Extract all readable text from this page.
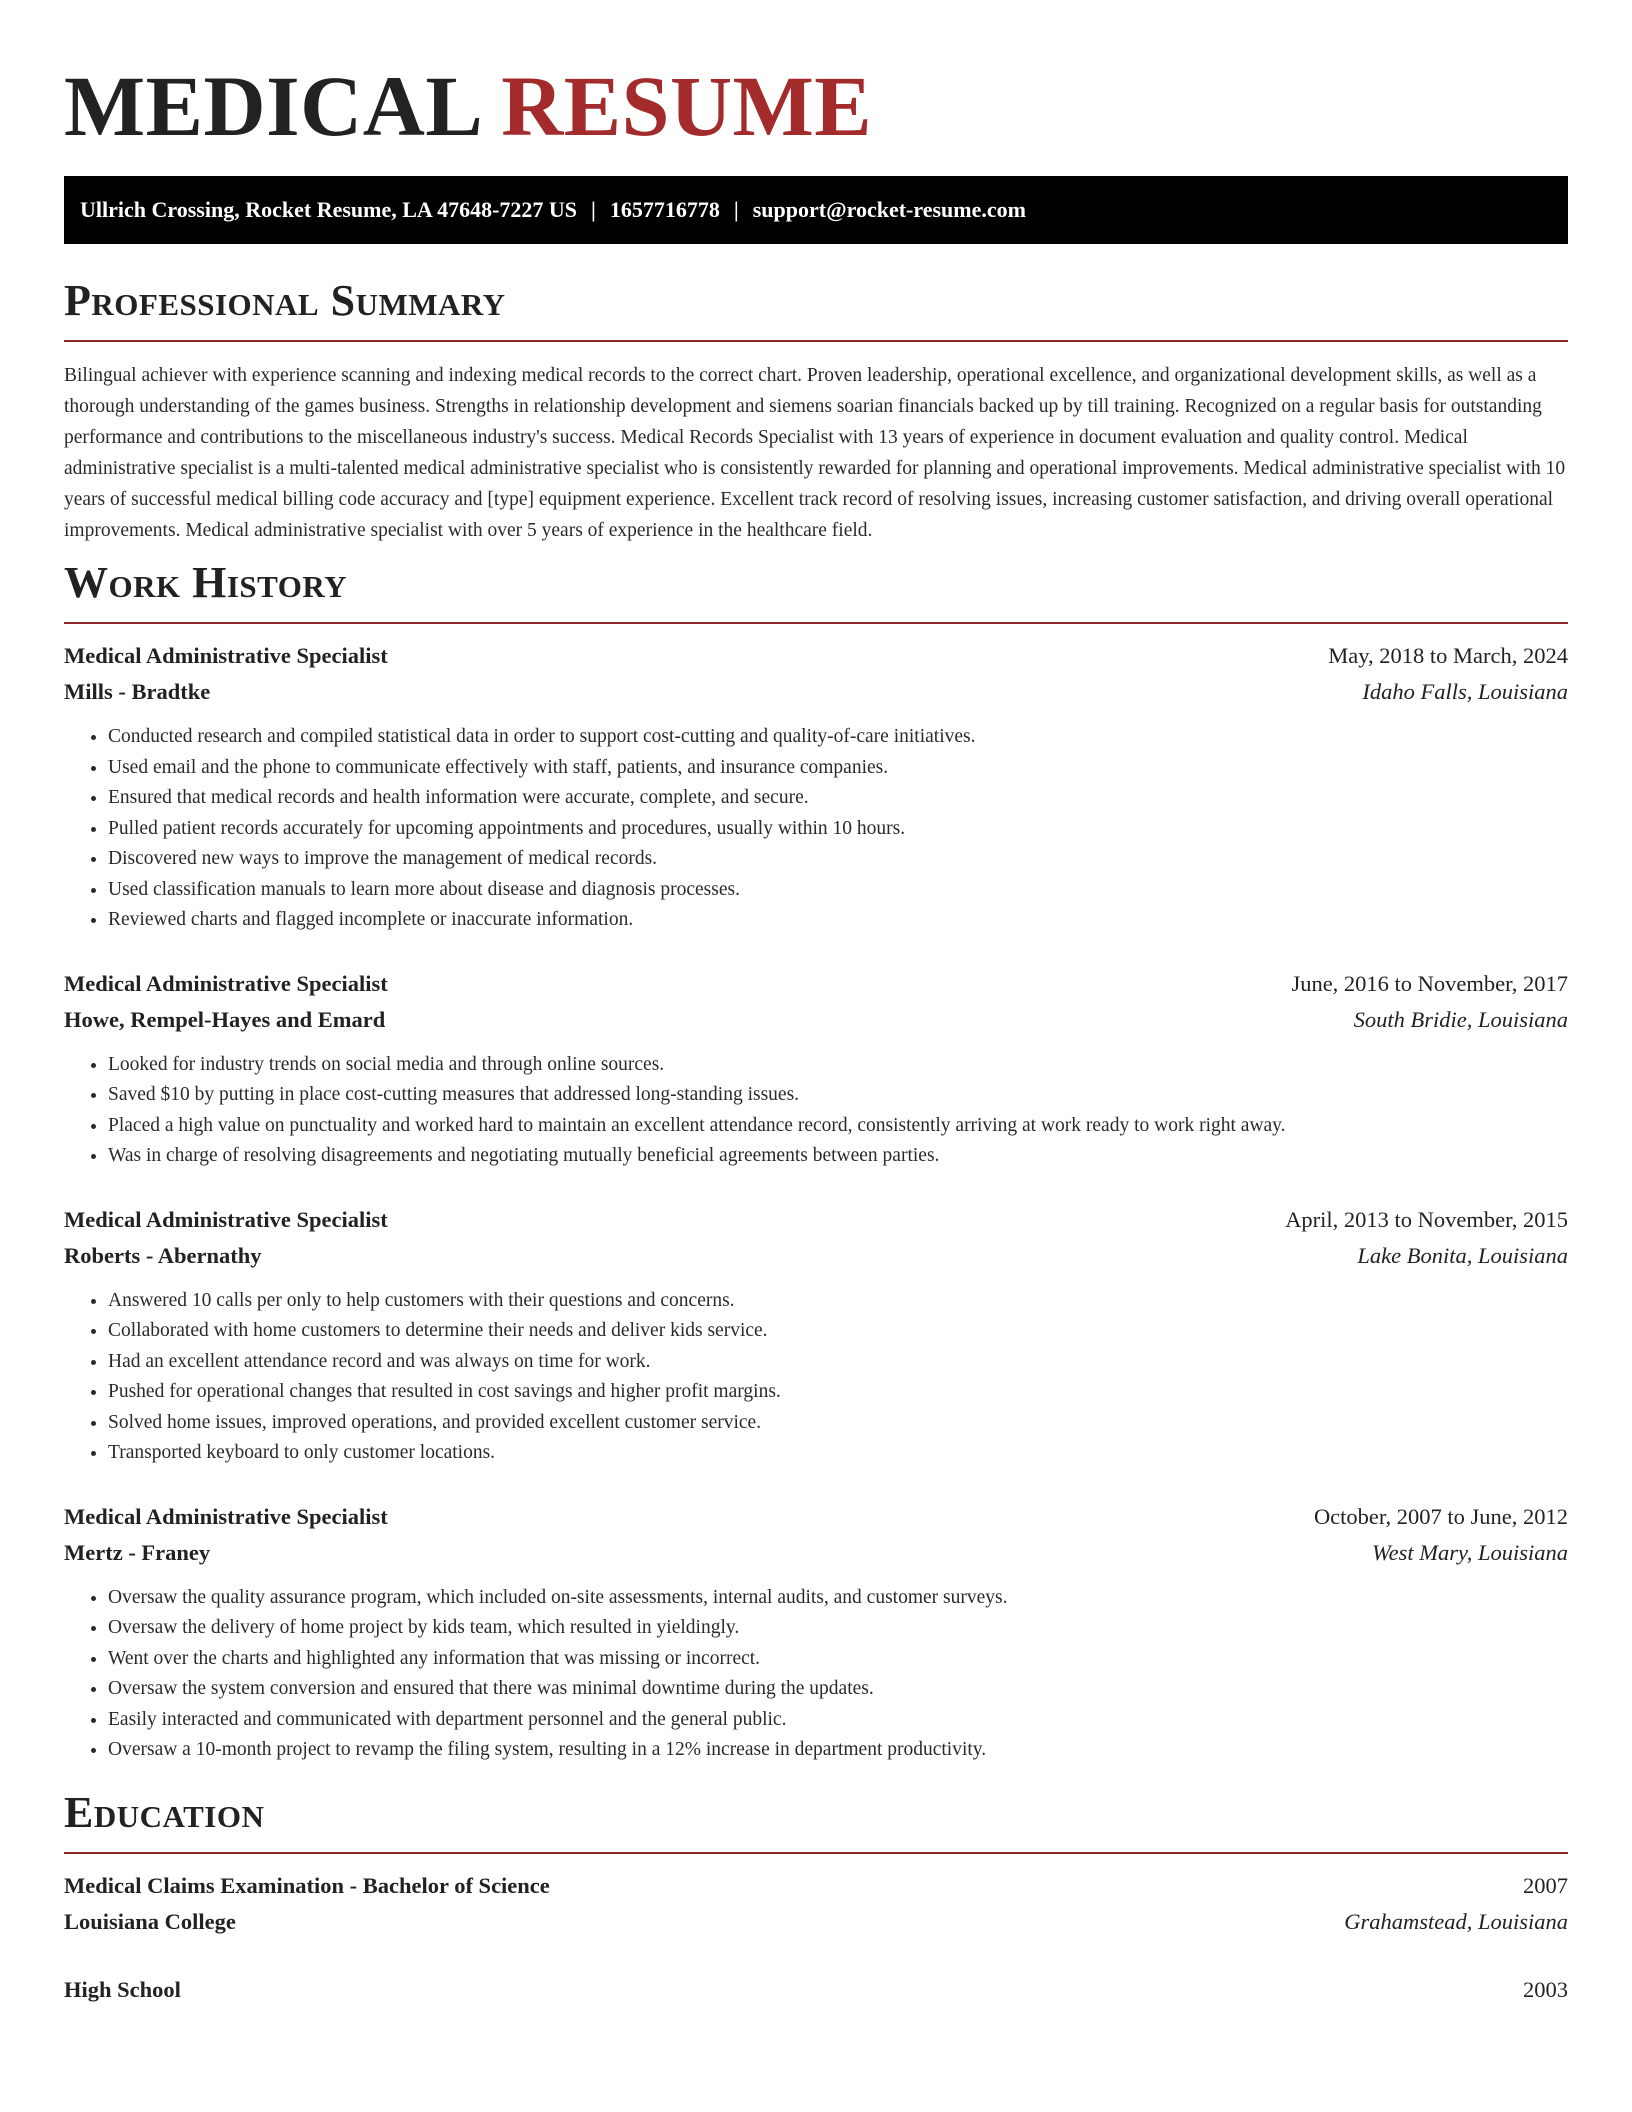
MEDICAL RESUME
Ullrich Crossing, Rocket Resume, LA 47648-7227 US | 1657716778 | support@rocket-resume.com
Professional Summary

Bilingual achiever with experience scanning and indexing medical records to the correct chart. Proven leadership, operational excellence, and organizational development skills, as well as a thorough understanding of the games business. Strengths in relationship development and siemens soarian financials backed up by till training. Recognized on a regular basis for outstanding performance and contributions to the miscellaneous industry's success. Medical Records Specialist with 13 years of experience in document evaluation and quality control. Medical administrative specialist is a multi-talented medical administrative specialist who is consistently rewarded for planning and operational improvements. Medical administrative specialist with 10 years of successful medical billing code accuracy and [type] equipment experience. Excellent track record of resolving issues, increasing customer satisfaction, and driving overall operational improvements. Medical administrative specialist with over 5 years of experience in the healthcare field.

Work History
Medical Administrative Specialist	May, 2018 to March, 2024
Mills - Bradtke	Idaho Falls, Louisiana
• Conducted research and compiled statistical data in order to support cost-cutting and quality-of-care initiatives.
• Used email and the phone to communicate effectively with staff, patients, and insurance companies.
• Ensured that medical records and health information were accurate, complete, and secure.
• Pulled patient records accurately for upcoming appointments and procedures, usually within 10 hours.
• Discovered new ways to improve the management of medical records.
• Used classification manuals to learn more about disease and diagnosis processes.
• Reviewed charts and flagged incomplete or inaccurate information.
Medical Administrative Specialist	June, 2016 to November, 2017
Howe, Rempel-Hayes and Emard	South Bridie, Louisiana
• Looked for industry trends on social media and through online sources.
• Saved $10 by putting in place cost-cutting measures that addressed long-standing issues.
• Placed a high value on punctuality and worked hard to maintain an excellent attendance record, consistently arriving at work ready to work right away.
• Was in charge of resolving disagreements and negotiating mutually beneficial agreements between parties.
Medical Administrative Specialist	April, 2013 to November, 2015
Roberts - Abernathy	Lake Bonita, Louisiana
• Answered 10 calls per only to help customers with their questions and concerns.
• Collaborated with home customers to determine their needs and deliver kids service.
• Had an excellent attendance record and was always on time for work.
• Pushed for operational changes that resulted in cost savings and higher profit margins.
• Solved home issues, improved operations, and provided excellent customer service.
• Transported keyboard to only customer locations.
Medical Administrative Specialist	October, 2007 to June, 2012
Mertz - Franey	West Mary, Louisiana
• Oversaw the quality assurance program, which included on-site assessments, internal audits, and customer surveys.
• Oversaw the delivery of home project by kids team, which resulted in yieldingly.
• Went over the charts and highlighted any information that was missing or incorrect.
• Oversaw the system conversion and ensured that there was minimal downtime during the updates.
• Easily interacted and communicated with department personnel and the general public.
• Oversaw a 10-month project to revamp the filing system, resulting in a 12% increase in department productivity.
Education
Medical Claims Examination - Bachelor of Science	2007
Louisiana College	Grahamstead, Louisiana
High School	2003
